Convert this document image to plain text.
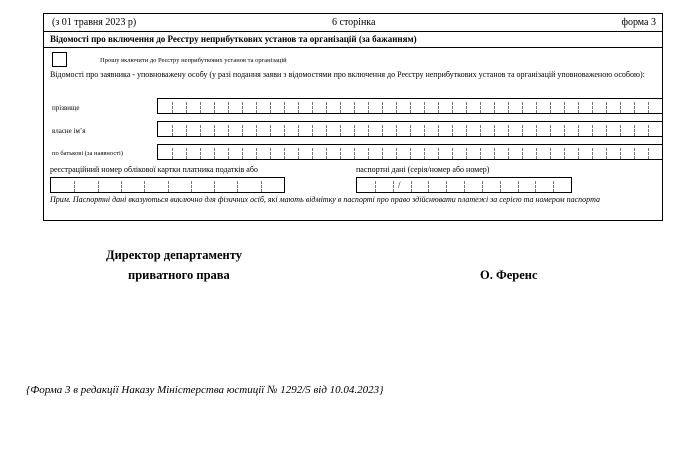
(з 01 травня 2023 р)	6 сторінка	форма 3
Відомості про включення до Реєстру неприбуткових установ та організацій (за бажанням)
Прошу включити до Реєстру неприбуткових установ та організацій
Відомості про заявника - уповноважену особу (у разі подання заяви з відомостями про включення до Реєстру неприбуткових установ та організацій уповноваженою особою):
прізвище
власне ім’я
по батькові (за наявності)
реєстраційний номер облікової картки платника податків або	паспортні дані (серія/номер або номер)
/
Прим. Паспортні дані вказуються виключно для фізичних осіб, які мають відмітку в паспорті про право здійснювати платежі за серією та номером паспорта
Директор департаменту
приватного права	О. Ференс
{Форма 3 в редакції Наказу Міністерства юстиції № 1292/5 від 10.04.2023}
